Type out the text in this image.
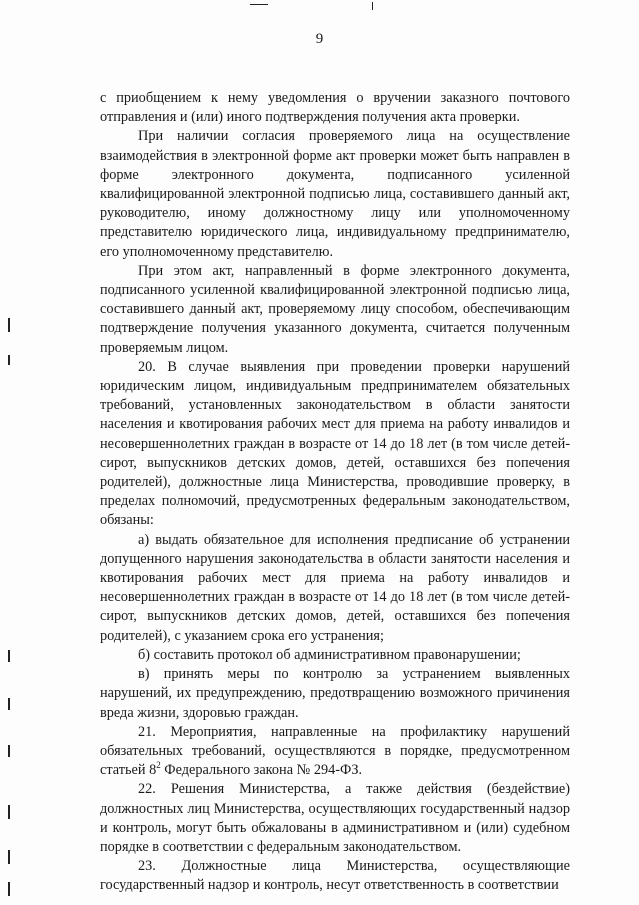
9

с приобщением к нему уведомления о вручении заказного почтового отправления и (или) иного подтверждения получения акта проверки.

При наличии согласия проверяемого лица на осуществление взаимодействия в электронной форме акт проверки может быть направлен в форме электронного документа, подписанного усиленной квалифицированной электронной подписью лица, составившего данный акт, руководителю, иному должностному лицу или уполномоченному представителю юридического лица, индивидуальному предпринимателю, его уполномоченному представителю.

При этом акт, направленный в форме электронного документа, подписанного усиленной квалифицированной электронной подписью лица, составившего данный акт, проверяемому лицу способом, обеспечивающим подтверждение получения указанного документа, считается полученным проверяемым лицом.

20. В случае выявления при проведении проверки нарушений юридическим лицом, индивидуальным предпринимателем обязательных требований, установленных законодательством в области занятости населения и квотирования рабочих мест для приема на работу инвалидов и несовершеннолетних граждан в возрасте от 14 до 18 лет (в том числе детей-сирот, выпускников детских домов, детей, оставшихся без попечения родителей), должностные лица Министерства, проводившие проверку, в пределах полномочий, предусмотренных федеральным законодательством, обязаны:

а) выдать обязательное для исполнения предписание об устранении допущенного нарушения законодательства в области занятости населения и квотирования рабочих мест для приема на работу инвалидов и несовершеннолетних граждан в возрасте от 14 до 18 лет (в том числе детей-сирот, выпускников детских домов, детей, оставшихся без попечения родителей), с указанием срока его устранения;

б) составить протокол об административном правонарушении;

в) принять меры по контролю за устранением выявленных нарушений, их предупреждению, предотвращению возможного причинения вреда жизни, здоровью граждан.

21. Мероприятия, направленные на профилактику нарушений обязательных требований, осуществляются в порядке, предусмотренном статьей $8^2$ Федерального закона № 294-ФЗ.

22. Решения Министерства, а также действия (бездействие) должностных лиц Министерства, осуществляющих государственный надзор и контроль, могут быть обжалованы в административном и (или) судебном порядке в соответствии с федеральным законодательством.

23. Должностные лица Министерства, осуществляющие государственный надзор и контроль, несут ответственность в соответствии
